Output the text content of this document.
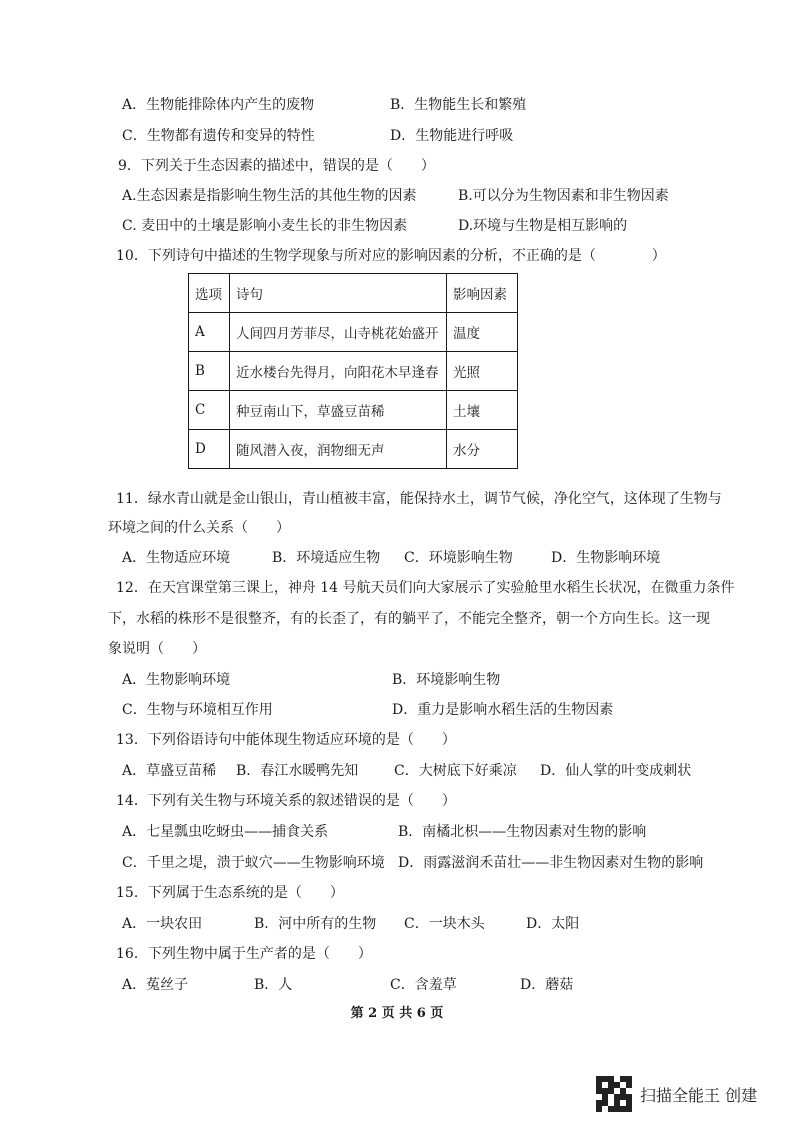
A．生物能排除体内产生的废物	B．生物能生长和繁殖
C．生物都有遗传和变异的特性	D．生物能进行呼吸
9．下列关于生态因素的描述中，错误的是（　　）
A.生态因素是指影响生物生活的其他生物的因素	B.可以分为生物因素和非生物因素
C. 麦田中的土壤是影响小麦生长的非生物因素	D.环境与生物是相互影响的
10．下列诗句中描述的生物学现象与所对应的影响因素的分析，不正确的是（　　　　）
选项	诗句	影响因素
A	人间四月芳菲尽，山寺桃花始盛开	温度
B	近水楼台先得月，向阳花木早逢春	光照
C	种豆南山下，草盛豆苗稀	土壤
D	随风潜入夜，润物细无声	水分
11．绿水青山就是金山银山，青山植被丰富，能保持水土，调节气候，净化空气，这体现了生物与
环境之间的什么关系（　　）
A．生物适应环境	B．环境适应生物 C．环境影响生物	D．生物影响环境
12．在天宫课堂第三课上，神舟 14 号航天员们向大家展示了实验舱里水稻生长状况，在微重力条件
下，水稻的株形不是很整齐，有的长歪了，有的躺平了，不能完全整齐，朝一个方向生长。这一现
象说明（　　）
A．生物影响环境	B．环境影响生物
C．生物与环境相互作用	D．重力是影响水稻生活的生物因素
13．下列俗语诗句中能体现生物适应环境的是（　　）
A．草盛豆苗稀 B．春江水暖鸭先知	C．大树底下好乘凉 D．仙人掌的叶变成刺状
14．下列有关生物与环境关系的叙述错误的是（　　）
A．七星瓢虫吃蚜虫——捕食关系	B．南橘北枳——生物因素对生物的影响
C．千里之堤，溃于蚁穴——生物影响环境 D．雨露滋润禾苗壮——非生物因素对生物的影响
15．下列属于生态系统的是（　　）
A．一块农田	B．河中所有的生物 C．一块木头	D．太阳
16．下列生物中属于生产者的是（　　）
A．菟丝子	B．人	C．含羞草	D．蘑菇
第 2 页 共 6 页
扫描全能王 创建
